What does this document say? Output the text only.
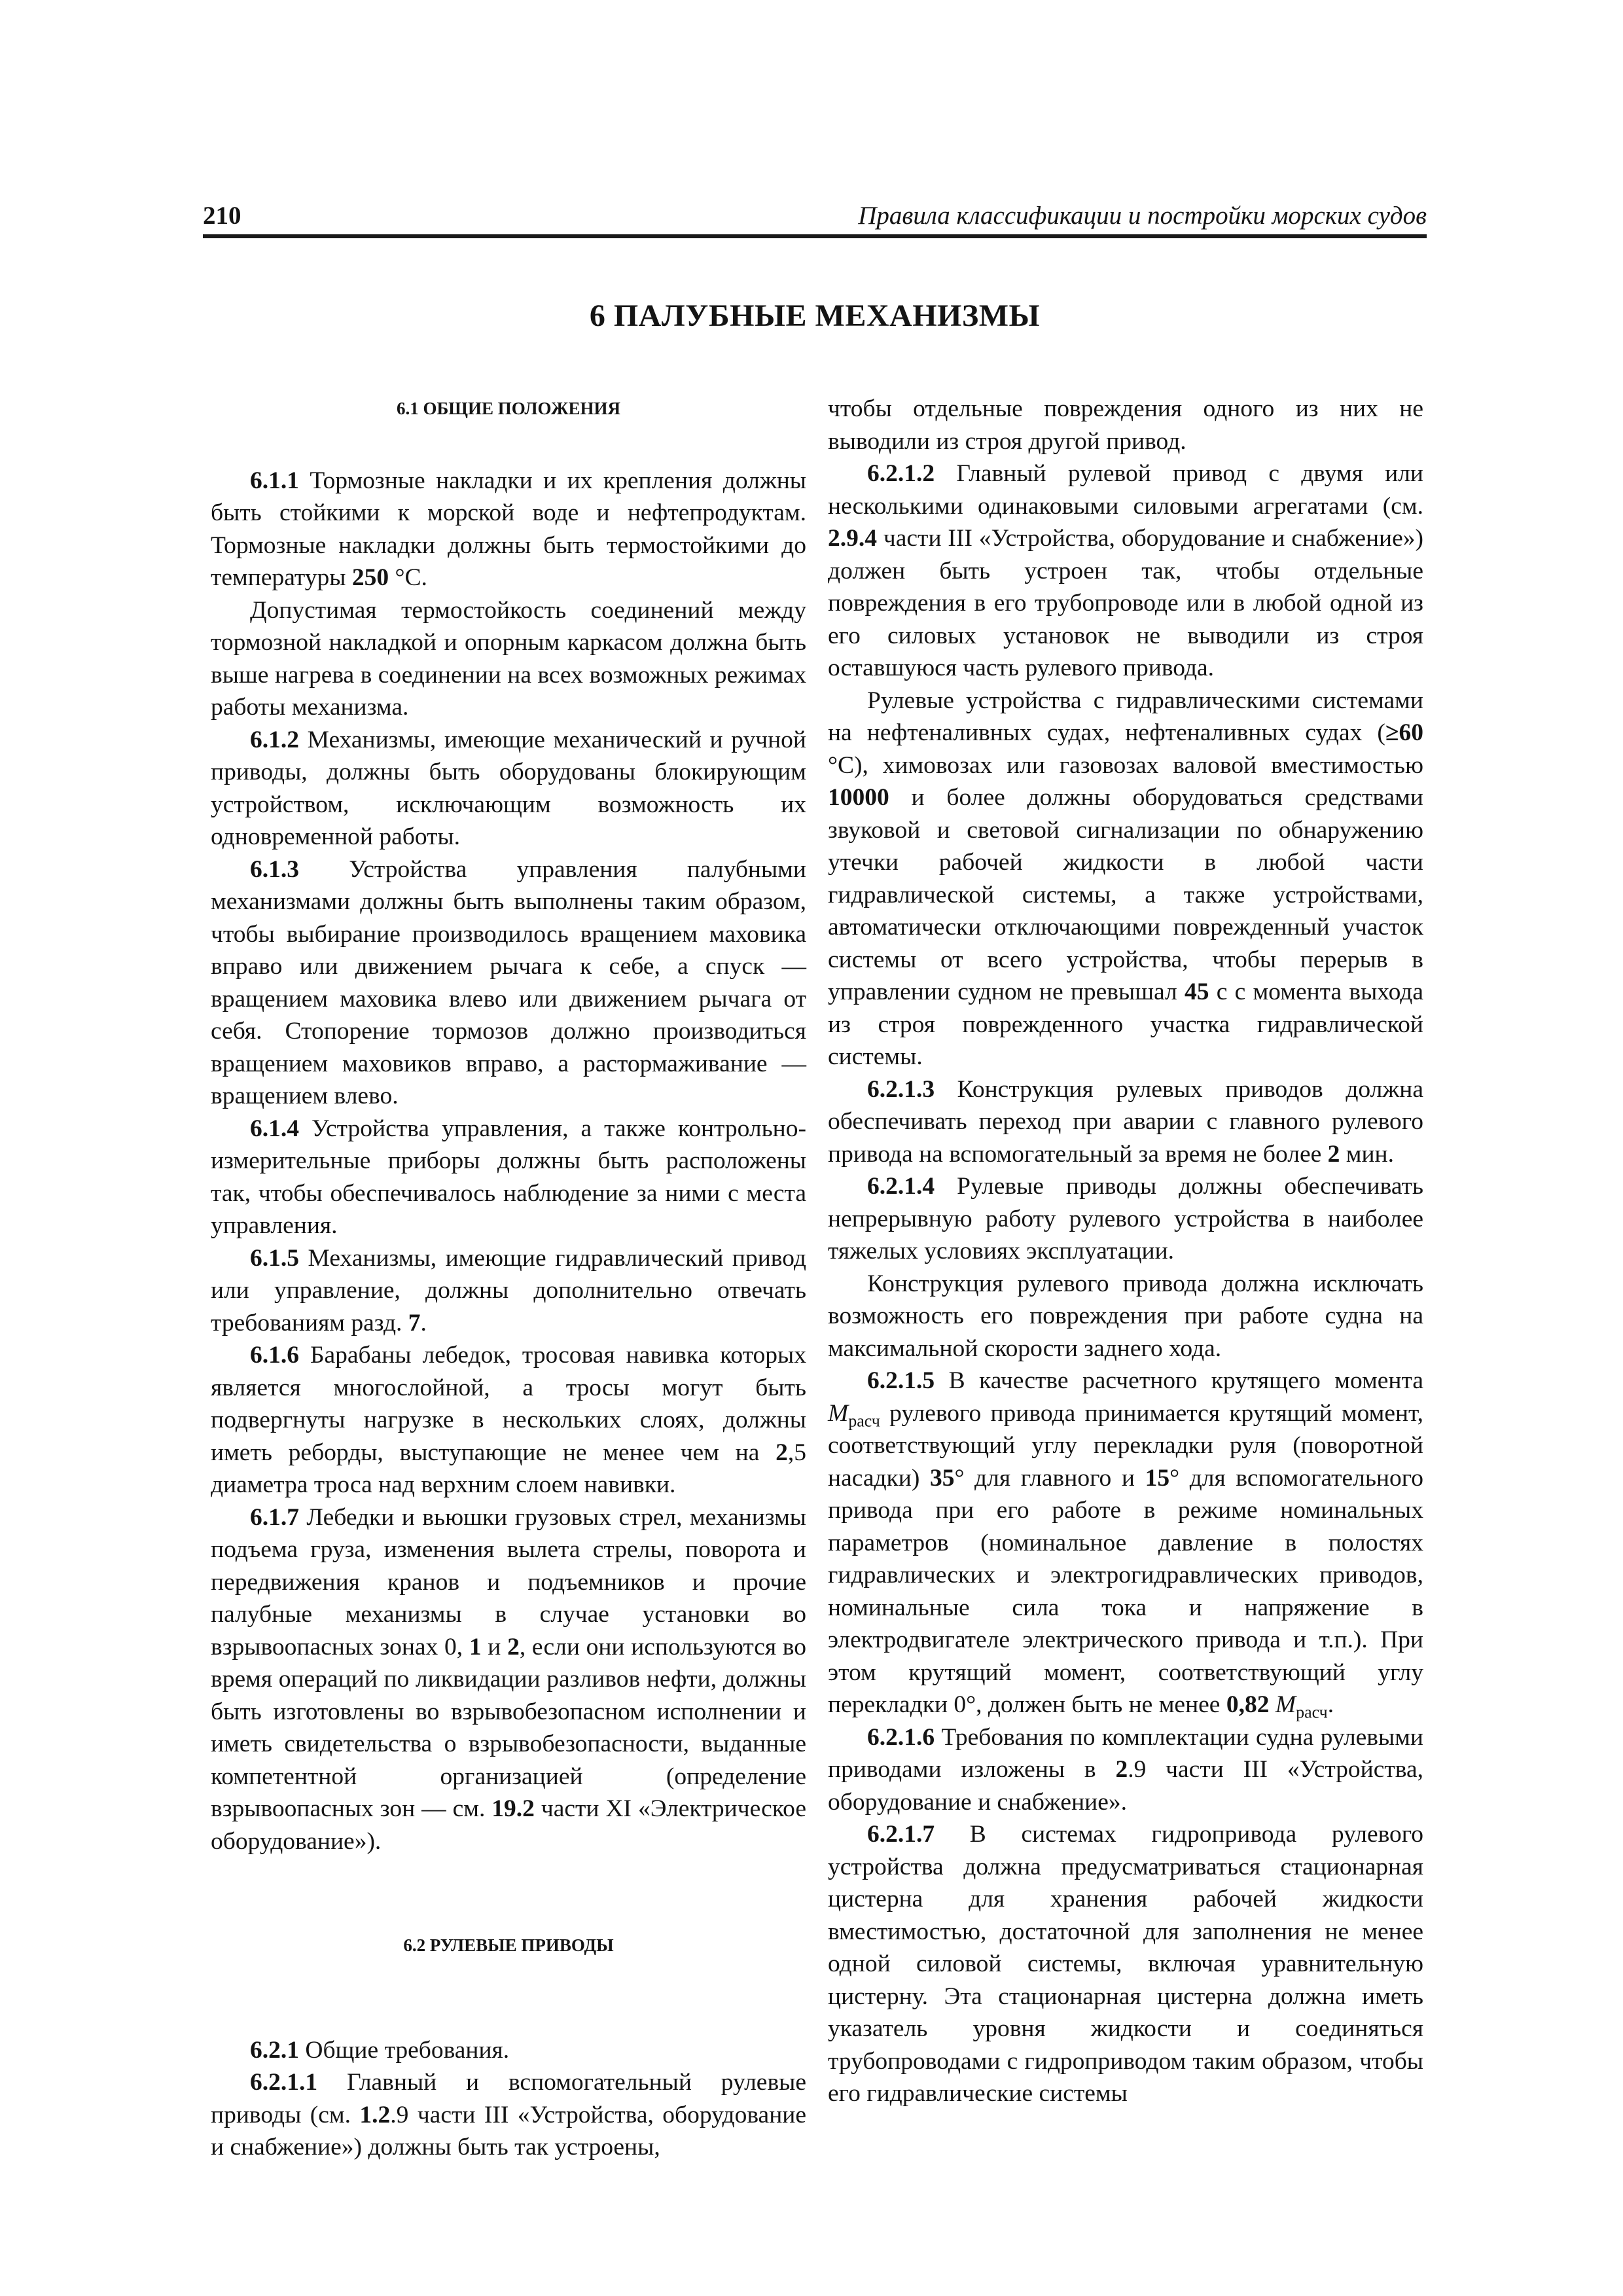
210	Правила классификации и постройки морских судов
6 ПАЛУБНЫЕ МЕХАНИЗМЫ
6.1 ОБЩИЕ ПОЛОЖЕНИЯ

6.1.1 Тормозные накладки и их крепления должны быть стойкими к морской воде и нефтепродуктам. Тормозные накладки должны быть термостойкими до температуры 250 °C.

Допустимая термостойкость соединений между тормозной накладкой и опорным каркасом должна быть выше нагрева в соединении на всех возможных режимах работы механизма.

6.1.2 Механизмы, имеющие механический и ручной приводы, должны быть оборудованы блокирующим устройством, исключающим возможность их одновременной работы.

6.1.3 Устройства управления палубными механизмами должны быть выполнены таким образом, чтобы выбирание производилось вращением маховика вправо или движением рычага к себе, а спуск — вращением маховика влево или движением рычага от себя. Стопорение тормозов должно производиться вращением маховиков вправо, а растормаживание — вращением влево.

6.1.4 Устройства управления, а также контрольно-измерительные приборы должны быть расположены так, чтобы обеспечивалось наблюдение за ними с места управления.

6.1.5 Механизмы, имеющие гидравлический привод или управление, должны дополнительно отвечать требованиям разд. 7.

6.1.6 Барабаны лебедок, тросовая навивка которых является многослойной, а тросы могут быть подвергнуты нагрузке в нескольких слоях, должны иметь реборды, выступающие не менее чем на 2,5 диаметра троса над верхним слоем навивки.

6.1.7 Лебедки и вьюшки грузовых стрел, механизмы подъема груза, изменения вылета стрелы, поворота и передвижения кранов и подъемников и прочие палубные механизмы в случае установки во взрывоопасных зонах 0, 1 и 2, если они используются во время операций по ликвидации разливов нефти, должны быть изготовлены во взрывобезопасном исполнении и иметь свидетельства о взрывобезопасности, выданные компетентной организацией (определение взрывоопасных зон — см. 19.2 части XI «Электрическое оборудование»).

6.2 РУЛЕВЫЕ ПРИВОДЫ

6.2.1 Общие требования.

6.2.1.1 Главный и вспомогательный рулевые приводы (см. 1.2.9 части III «Устройства, оборудование и снабжение») должны быть так устроены,

чтобы отдельные повреждения одного из них не выводили из строя другой привод.

6.2.1.2 Главный рулевой привод с двумя или несколькими одинаковыми силовыми агрегатами (см. 2.9.4 части III «Устройства, оборудование и снабжение») должен быть устроен так, чтобы отдельные повреждения в его трубопроводе или в любой одной из его силовых установок не выводили из строя оставшуюся часть рулевого привода.

Рулевые устройства с гидравлическими системами на нефтеналивных судах, нефтеналивных судах (≥60 °C), химовозах или газовозах валовой вместимостью 10000 и более должны оборудоваться средствами звуковой и световой сигнализации по обнаружению утечки рабочей жидкости в любой части гидравлической системы, а также устройствами, автоматически отключающими поврежденный участок системы от всего устройства, чтобы перерыв в управлении судном не превышал 45 с с момента выхода из строя поврежденного участка гидравлической системы.

6.2.1.3 Конструкция рулевых приводов должна обеспечивать переход при аварии с главного рулевого привода на вспомогательный за время не более 2 мин.

6.2.1.4 Рулевые приводы должны обеспечивать непрерывную работу рулевого устройства в наиболее тяжелых условиях эксплуатации.

Конструкция рулевого привода должна исключать возможность его повреждения при работе судна на максимальной скорости заднего хода.

6.2.1.5 В качестве расчетного крутящего момента $M_{расч}$ рулевого привода принимается крутящий момент, соответствующий углу перекладки руля (поворотной насадки) 35° для главного и 15° для вспомогательного привода при его работе в режиме номинальных параметров (номинальное давление в полостях гидравлических и электрогидравлических приводов, номинальные сила тока и напряжение в электродвигателе электрического привода и т.п.). При этом крутящий момент, соответствующий углу перекладки 0°, должен быть не менее 0,82 $M_{расч}$.

6.2.1.6 Требования по комплектации судна рулевыми приводами изложены в 2.9 части III «Устройства, оборудование и снабжение».

6.2.1.7 В системах гидропривода рулевого устройства должна предусматриваться стационарная цистерна для хранения рабочей жидкости вместимостью, достаточной для заполнения не менее одной силовой системы, включая уравнительную цистерну. Эта стационарная цистерна должна иметь указатель уровня жидкости и соединяться трубопроводами с гидроприводом таким образом, чтобы его гидравлические системы
